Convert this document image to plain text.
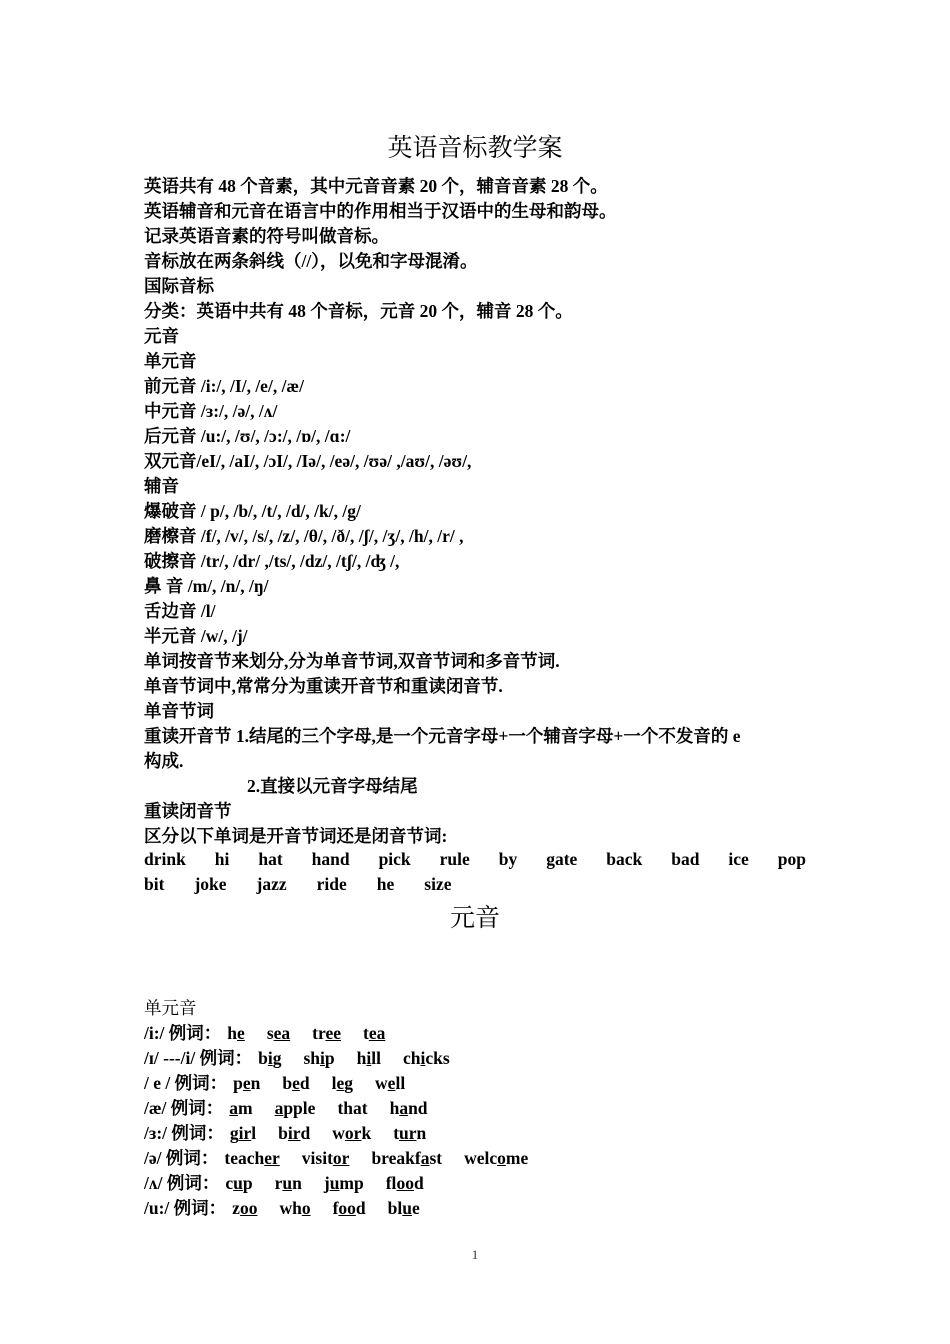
英语音标教学案
英语共有 48 个音素，其中元音音素 20 个，辅音音素 28 个。
英语辅音和元音在语言中的作用相当于汉语中的生母和韵母。
记录英语音素的符号叫做音标。
音标放在两条斜线（//），以免和字母混淆。
国际音标
分类：英语中共有 48 个音标，元音 20 个，辅音 28 个。
元音
单元音
前元音 /i:/, /I/, /e/, /æ/
中元音 /ɜ:/, /ə/, /ʌ/
后元音 /u:/, /ʊ/, /ɔ:/, /ɒ/, /ɑ:/
双元音/eI/, /aI/, /ɔI/, /Iə/, /eə/, /ʊə/ ,/aʊ/, /əʊ/,
辅音
爆破音 / p/, /b/, /t/, /d/, /k/, /g/
磨檫音 /f/, /v/, /s/, /z/, /θ/, /ð/, /ʃ/, /ʒ/, /h/, /r/ ,
破擦音 /tr/, /dr/ ,/ts/, /dz/, /tʃ/, /ʤ /,
鼻 音 /m/, /n/, /ŋ/
舌边音 /l/
半元音 /w/, /j/
单词按音节来划分,分为单音节词,双音节词和多音节词.
单音节词中,常常分为重读开音节和重读闭音节.
单音节词
重读开音节 1.结尾的三个字母,是一个元音字母+一个辅音字母+一个不发音的 e
构成.
2.直接以元音字母结尾
重读闭音节
区分以下单词是开音节词还是闭音节词:
drink hi hat hand pick rule by gate back bad ice pop
bit joke jazz ride he size
元音
单元音
/i:/ 例词： he sea tree tea
/ɪ/ ---/i/ 例词： big ship hill chicks
/ e / 例词： pen bed leg well
/æ/ 例词： am apple that hand
/ɜ:/ 例词： girl bird work turn
/ə/ 例词： teacher visitor breakfast welcome
/ʌ/ 例词： cup run jump flood
/u:/ 例词： zoo who food blue
1
